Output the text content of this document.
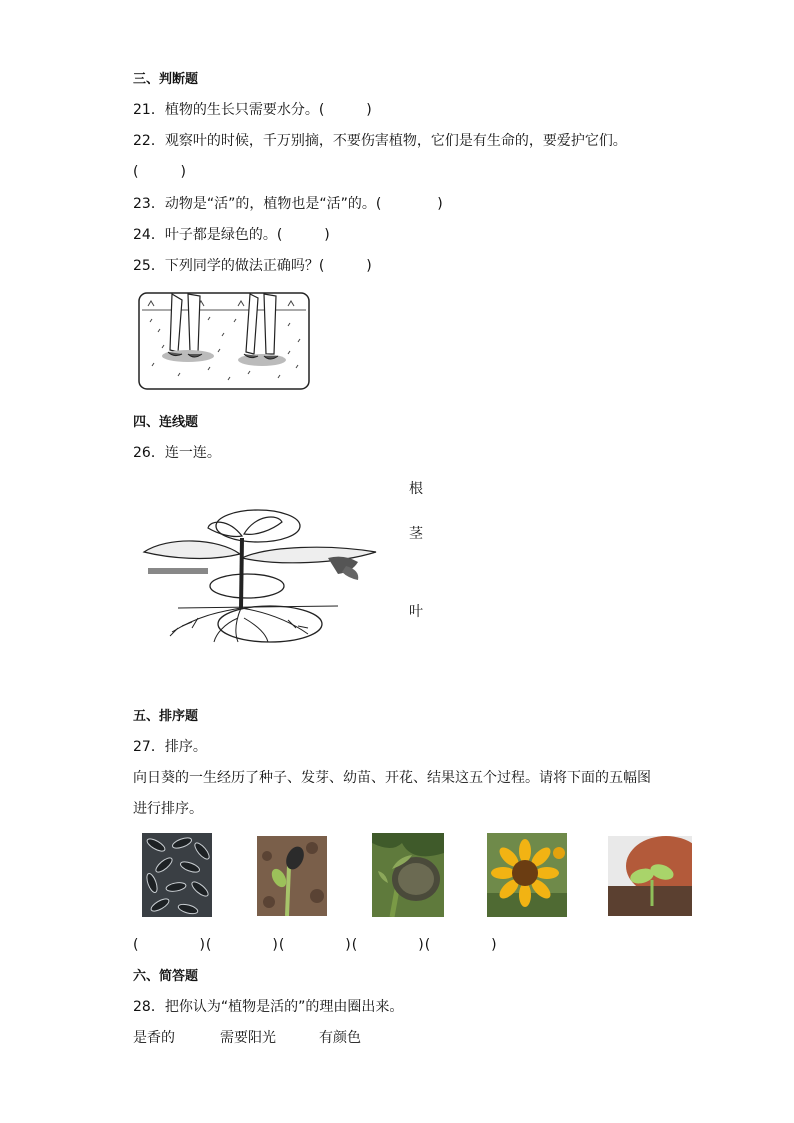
三、判断题
21．植物的生长只需要水分。(　　　)
22．观察叶的时候，千万别摘，不要伤害植物，它们是有生命的，要爱护它们。
(　　　)
23．动物是“活”的，植物也是“活”的。(　　　　)
24．叶子都是绿色的。(　　　)
25．下列同学的做法正确吗？(　　　)
四、连线题
26．连一连。
根
茎
叶
五、排序题
27．排序。
向日葵的一生经历了种子、发芽、幼苗、开花、结果这五个过程。请将下面的五幅图
进行排序。
(　　　　)(　　　　)(　　　　)(　　　　)(　　　　)
六、简答题
28．把你认为“植物是活的”的理由圈出来。
是香的	需要阳光	有颜色
